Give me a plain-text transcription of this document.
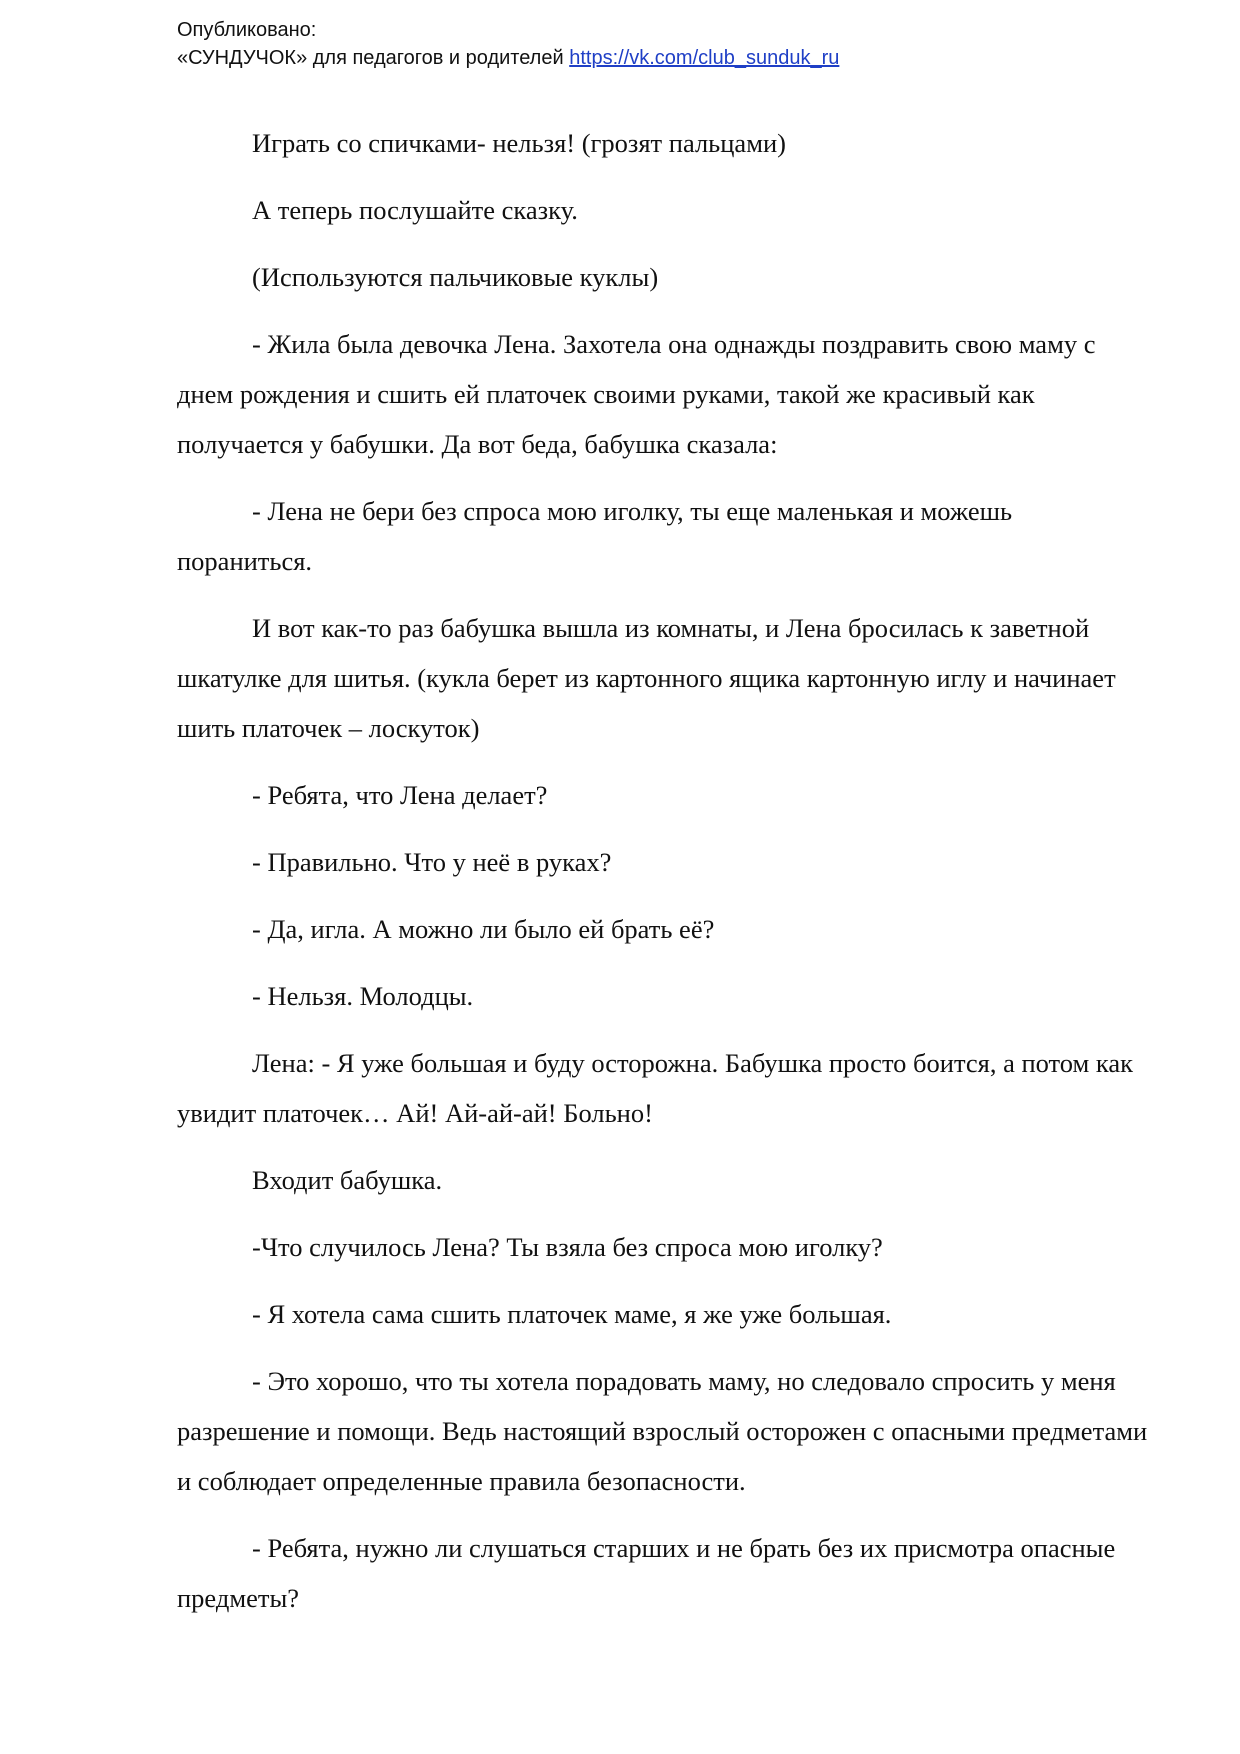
Опубликовано:
«СУНДУЧОК» для педагогов и родителей https://vk.com/club_sunduk_ru

Играть со спичками- нельзя! (грозят пальцами)

А теперь послушайте сказку.

(Используются пальчиковые куклы)

- Жила была девочка Лена. Захотела она однажды поздравить свою маму с днем рождения и сшить ей платочек своими руками, такой же красивый как получается у бабушки. Да вот беда, бабушка сказала:

- Лена не бери без спроса мою иголку, ты еще маленькая и можешь пораниться.

И вот как-то раз бабушка вышла из комнаты, и Лена бросилась к заветной шкатулке для шитья. (кукла берет из картонного ящика картонную иглу и начинает шить платочек – лоскуток)

- Ребята, что Лена делает?

- Правильно. Что у неё в руках?

- Да, игла. А можно ли было ей брать её?

- Нельзя. Молодцы.

Лена: - Я уже большая и буду осторожна. Бабушка просто боится, а потом как увидит платочек… Ай! Ай-ай-ай! Больно!

Входит бабушка.

-Что случилось Лена? Ты взяла без спроса мою иголку?

- Я хотела сама сшить платочек маме, я же уже большая.

- Это хорошо, что ты хотела порадовать маму, но следовало спросить у меня разрешение и помощи. Ведь настоящий взрослый осторожен с опасными предметами и соблюдает определенные правила безопасности.

- Ребята, нужно ли слушаться старших и не брать без их присмотра опасные предметы?
